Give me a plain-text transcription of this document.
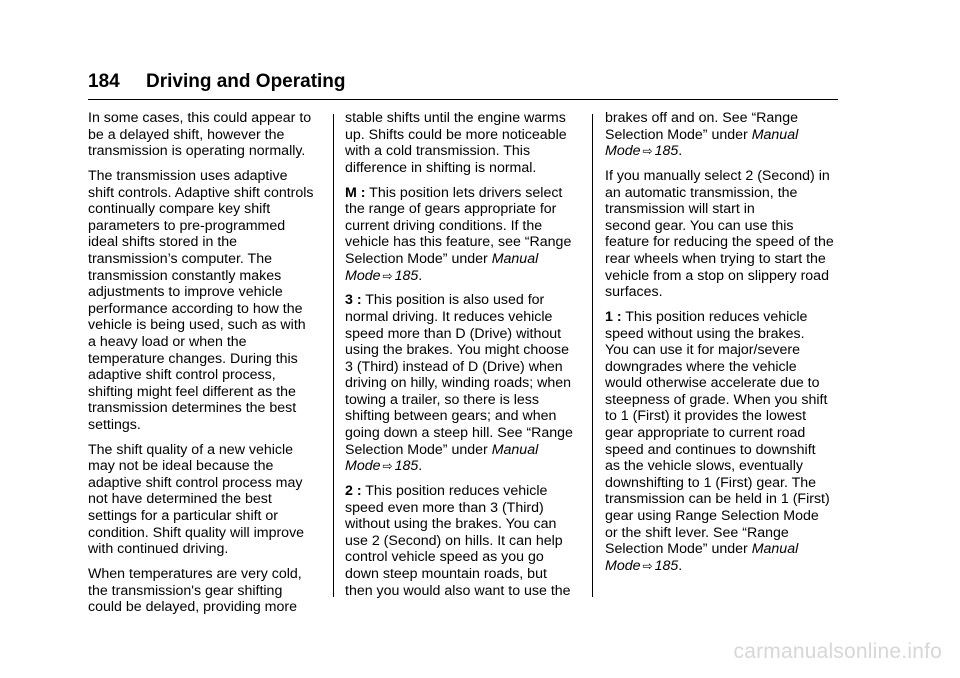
184 Driving and Operating

In some cases, this could appear to
be a delayed shift, however the
transmission is operating normally.

The transmission uses adaptive
shift controls. Adaptive shift controls
continually compare key shift
parameters to pre-programmed
ideal shifts stored in the
transmission’s computer. The
transmission constantly makes
adjustments to improve vehicle
performance according to how the
vehicle is being used, such as with
a heavy load or when the
temperature changes. During this
adaptive shift control process,
shifting might feel different as the
transmission determines the best
settings.

The shift quality of a new vehicle
may not be ideal because the
adaptive shift control process may
not have determined the best
settings for a particular shift or
condition. Shift quality will improve
with continued driving.

When temperatures are very cold,
the transmission's gear shifting
could be delayed, providing more

stable shifts until the engine warms
up. Shifts could be more noticeable
with a cold transmission. This
difference in shifting is normal.

M : This position lets drivers select
the range of gears appropriate for
current driving conditions. If the
vehicle has this feature, see “Range
Selection Mode” under Manual
Mode ⇨ 185.

3 : This position is also used for
normal driving. It reduces vehicle
speed more than D (Drive) without
using the brakes. You might choose
3 (Third) instead of D (Drive) when
driving on hilly, winding roads; when
towing a trailer, so there is less
shifting between gears; and when
going down a steep hill. See “Range
Selection Mode” under Manual
Mode ⇨ 185.

2 : This position reduces vehicle
speed even more than 3 (Third)
without using the brakes. You can
use 2 (Second) on hills. It can help
control vehicle speed as you go
down steep mountain roads, but
then you would also want to use the

brakes off and on. See “Range
Selection Mode” under Manual
Mode ⇨ 185.

If you manually select 2 (Second) in
an automatic transmission, the
transmission will start in
second gear. You can use this
feature for reducing the speed of the
rear wheels when trying to start the
vehicle from a stop on slippery road
surfaces.

1 : This position reduces vehicle
speed without using the brakes.
You can use it for major/severe
downgrades where the vehicle
would otherwise accelerate due to
steepness of grade. When you shift
to 1 (First) it provides the lowest
gear appropriate to current road
speed and continues to downshift
as the vehicle slows, eventually
downshifting to 1 (First) gear. The
transmission can be held in 1 (First)
gear using Range Selection Mode
or the shift lever. See “Range
Selection Mode” under Manual
Mode ⇨ 185.

carmanualsonline.info
